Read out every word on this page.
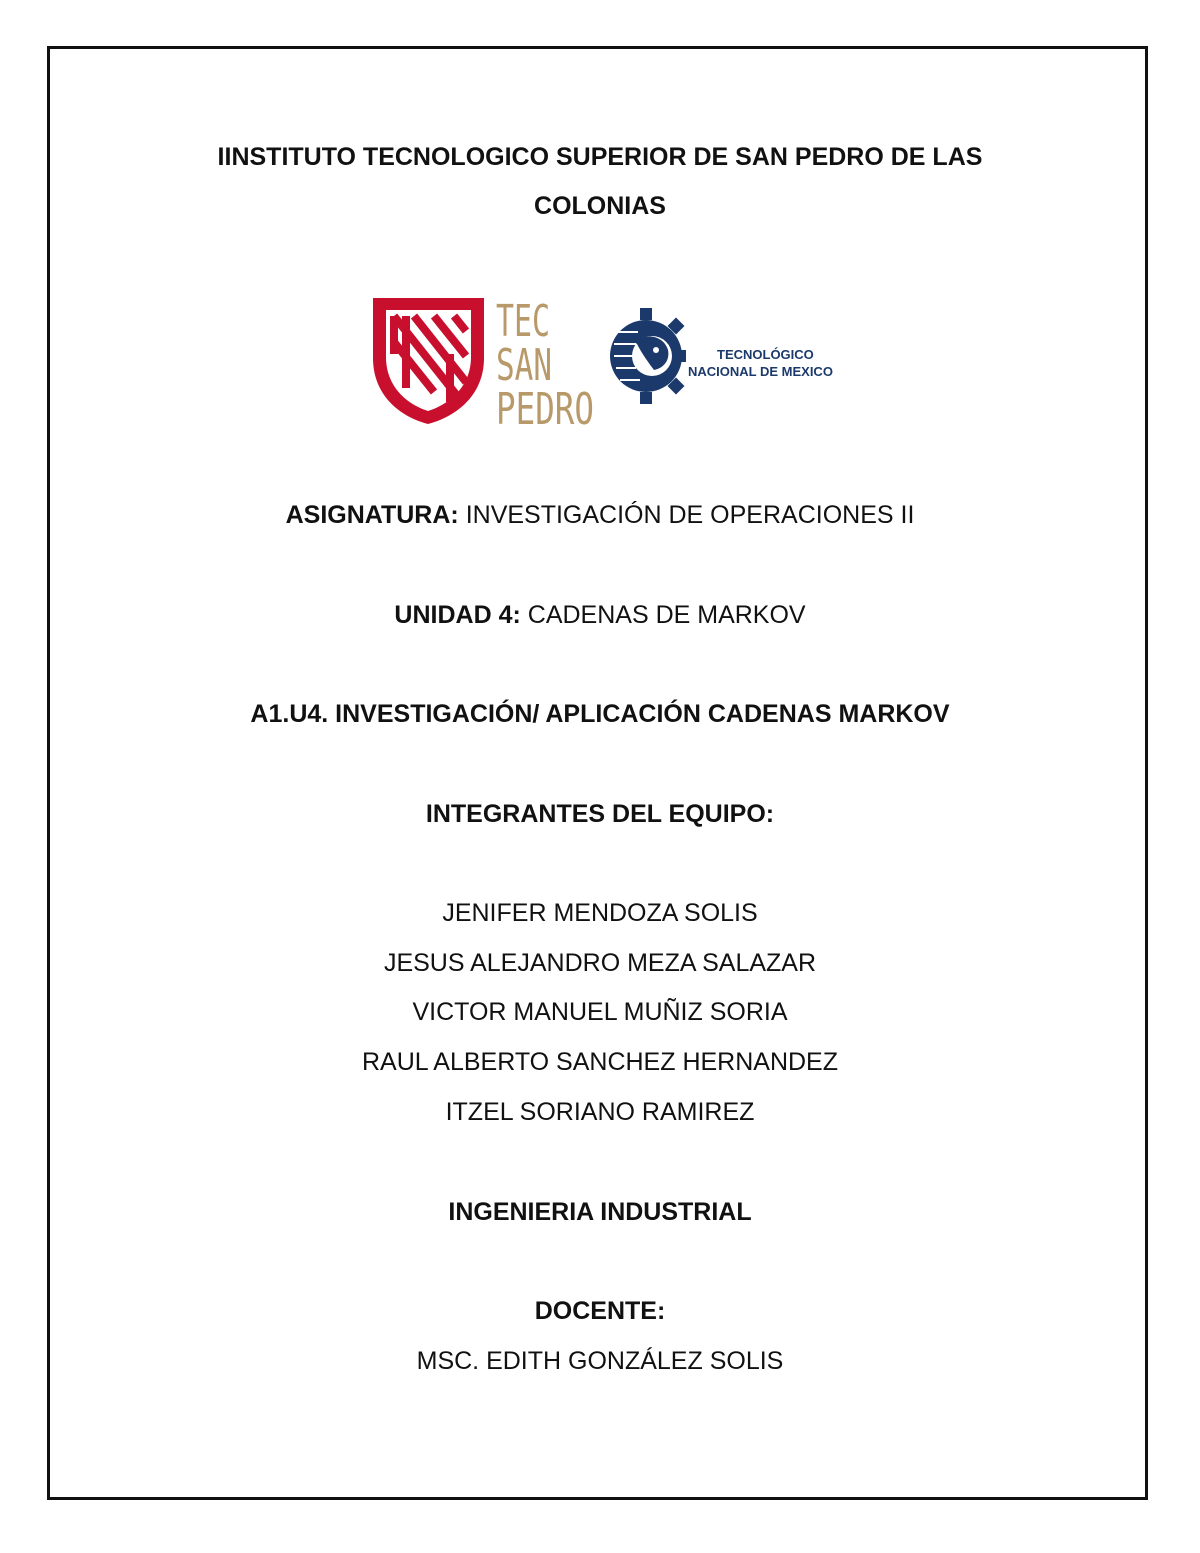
IINSTITUTO TECNOLOGICO SUPERIOR DE SAN PEDRO DE LAS
COLONIAS
TEC
SAN
PEDRO
TECNOLÓGICO
NACIONAL DE MEXICO
ASIGNATURA: INVESTIGACIÓN DE OPERACIONES II
UNIDAD 4: CADENAS DE MARKOV
A1.U4. INVESTIGACIÓN/ APLICACIÓN CADENAS MARKOV
INTEGRANTES DEL EQUIPO:
JENIFER MENDOZA SOLIS
JESUS ALEJANDRO MEZA SALAZAR
VICTOR MANUEL MUÑIZ SORIA
RAUL ALBERTO SANCHEZ HERNANDEZ
ITZEL SORIANO RAMIREZ
INGENIERIA INDUSTRIAL
DOCENTE:
MSC. EDITH GONZÁLEZ SOLIS
